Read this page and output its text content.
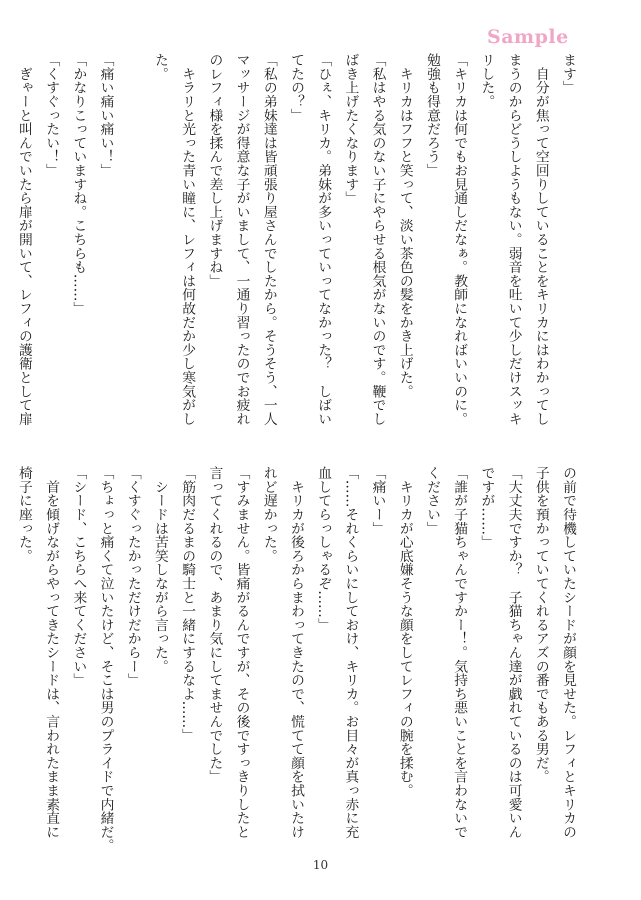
Sample
ます」
　自分が焦って空回りしていることをキリカにはわかってし
まうのからどうしようもない。弱音を吐いて少しだけスッキ
リした。
「キリカは何でもお見通しだなぁ。教師になればいいのに。
勉強も得意だろう」
　キリカはフフと笑って、淡い茶色の髪をかき上げた。
「私はやる気のない子にやらせる根気がないのです。鞭でし
ばき上げたくなります」
「ひぇ、キリカ。弟妹が多いっていってなかった？　しばい
てたの？」
「私の弟妹達は皆頑張り屋さんでしたから。そうそう、一人
マッサージが得意な子がいまして、一通り習ったのでお疲れ
のレフィ様を揉んで差し上げますね」
　キラリと光った青い瞳に、レフィは何故だか少し寒気がし
た。

「痛い痛い痛い！」
「かなりこっていますね。こちらも……」
「くすぐったい！」
　ぎゃーと叫んでいたら扉が開いて、レフィの護衛として扉
の前で待機していたシードが顔を見せた。レフィとキリカの
子供を預かっていてくれるアズの番でもある男だ。
「大丈夫ですか？　子猫ちゃん達が戯れているのは可愛いん
ですが……」
「誰が子猫ちゃんですかー！。気持ち悪いことを言わないで
ください」
　キリカが心底嫌そうな顔をしてレフィの腕を揉む。
「痛いー」
「……それくらいにしておけ、キリカ。お目々が真っ赤に充
血してらっしゃるぞ……」
　キリカが後ろからまわってきたので、慌てて顔を拭いたけ
れど遅かった。
「すみません。皆痛がるんですが、その後ですっきりしたと
言ってくれるので、あまり気にしてませんでした」
「筋肉だるまの騎士と一緒にするなよ……」
　シードは苦笑しながら言った。
「くすぐったかっただけだからー」
「ちょっと痛くて泣いたけど、そこは男のプライドで内緒だ。
「シード、こちらへ来てください」
　首を傾げながらやってきたシードは、言われたまま素直に
椅子に座った。
10
